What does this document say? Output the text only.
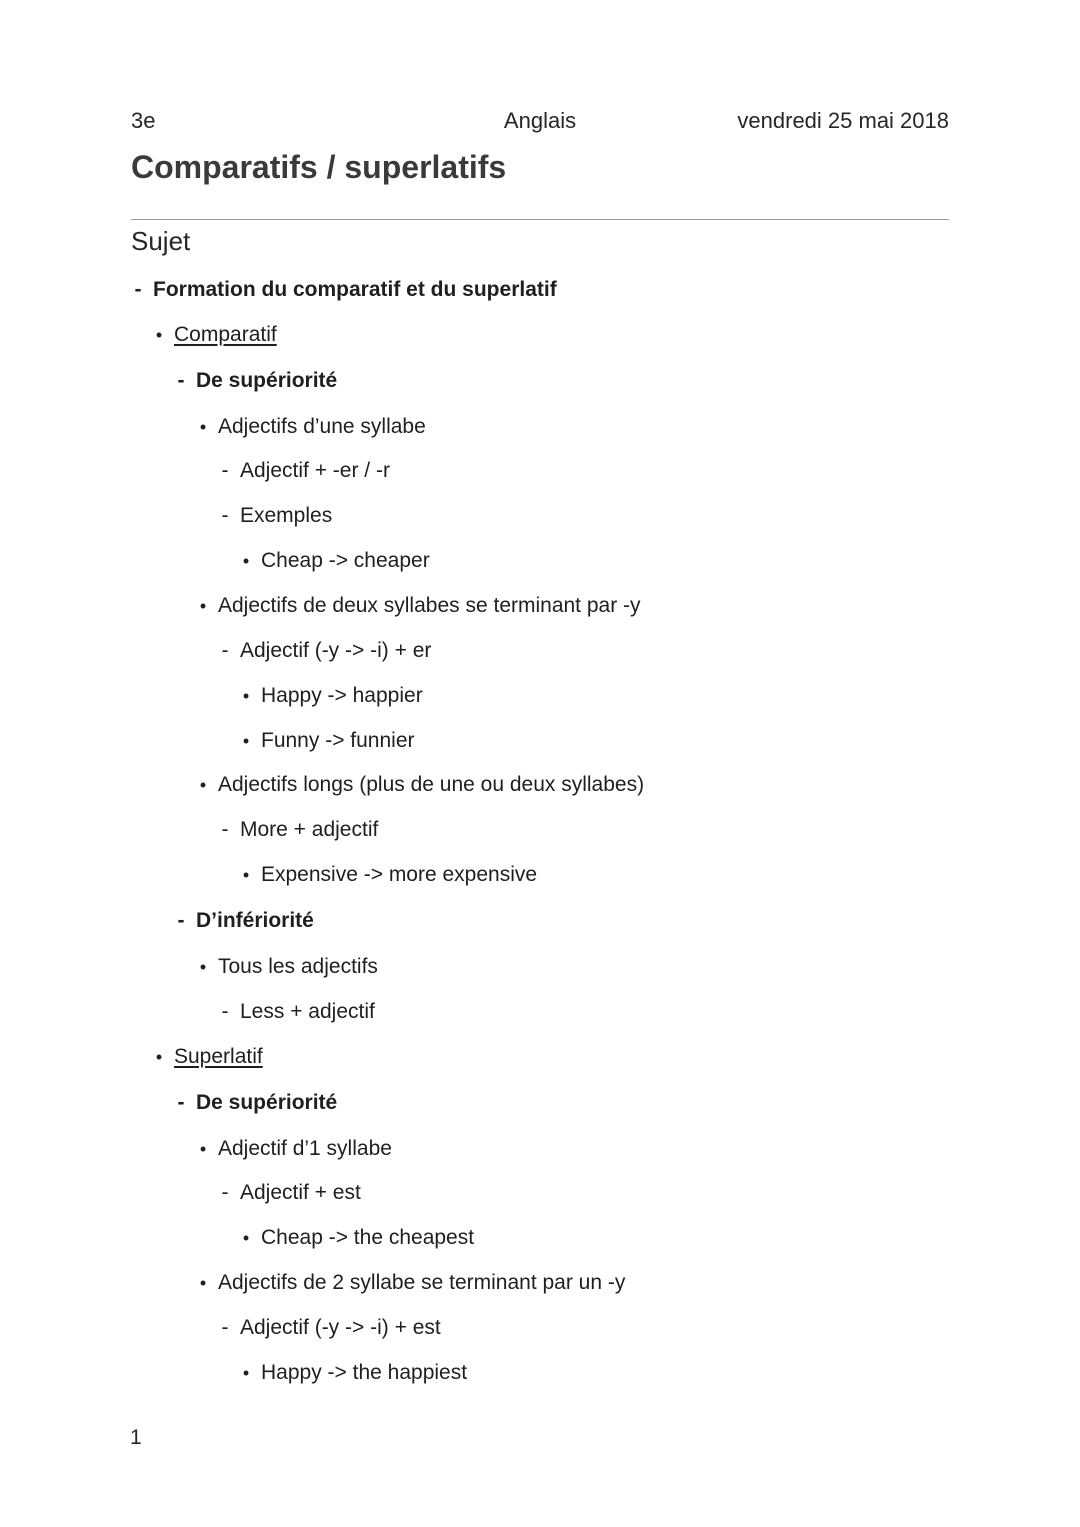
3e	Anglais	vendredi 25 mai 2018
Comparatifs / superlatifs
Sujet
- Formation du comparatif et du superlatif
• Comparatif
- De supériorité
• Adjectifs d’une syllabe
- Adjectif + -er / -r
- Exemples
• Cheap -> cheaper
• Adjectifs de deux syllabes se terminant par -y
- Adjectif (-y -> -i) + er
• Happy -> happier
• Funny -> funnier
• Adjectifs longs (plus de une ou deux syllabes)
- More + adjectif
• Expensive -> more expensive
- D’infériorité
• Tous les adjectifs
- Less + adjectif
• Superlatif
- De supériorité
• Adjectif d’1 syllabe
- Adjectif + est
• Cheap -> the cheapest
• Adjectifs de 2 syllabe se terminant par un -y
- Adjectif (-y -> -i) + est
• Happy -> the happiest
1
